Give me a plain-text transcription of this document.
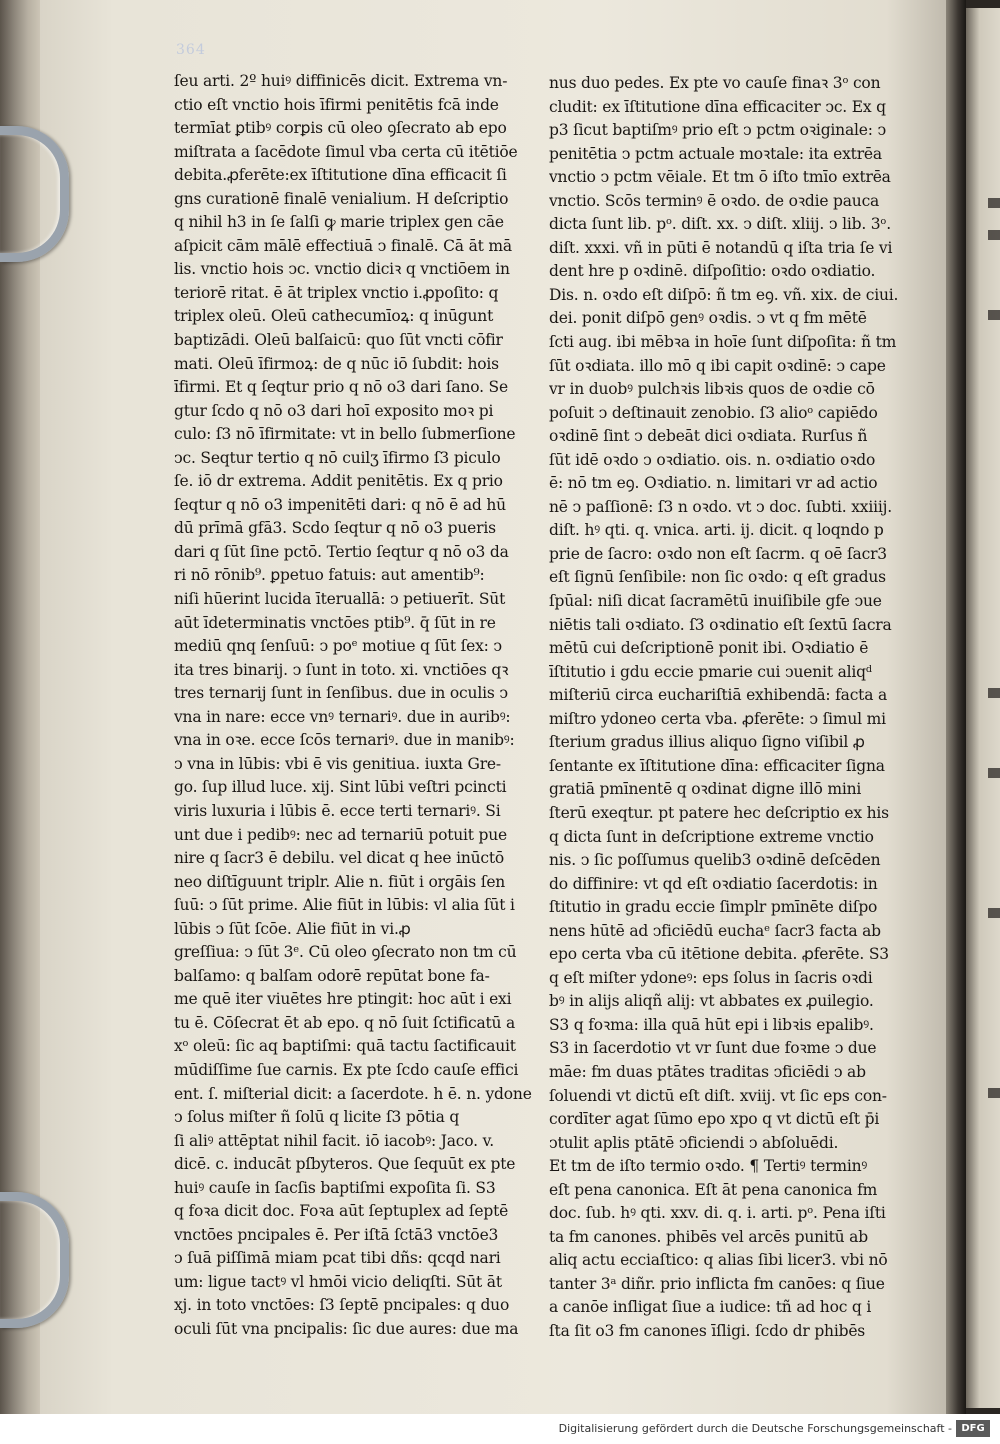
364
ſeu arti. 2º huiꝰ diffinicēs dicit. Extrema vn-
ctio eſt vnctio hois īfirmi penitētis fcā inde
termīat ꝑtibꝰ corꝑis cū oleo ꝯſecrato ab epo
miſtrata a ſacēdote ſimul vba certa cū itētiōe
debita.ꝓferēte:ex īſtitutione dīna efficacit ſi
gns curationē finalē venialium. H deſcriptio
q nihil h3 in ſe ſalſi ꝙ marie triplex gen cāe
aſpicit cām mālē effectiuā ↄ finalē. Cā āt mā
lis. vnctio hois ↄc. vnctio diciꝛ q vnctiōem in
teriorē ritat. ē āt triplex vnctio i.ꝓpoſito: q
triplex oleū. Oleū cathecumīoꝝ: q inūgunt
baptizādi. Oleū balſaicū: quo ſūt vncti cōfir
mati. Oleū īfirmoꝝ: de q nūc iō ſubdit: hois
īfirmi. Et q ſeqtur prio q nō o3 dari ſano. Se
gtur ſcdo q nō o3 dari hoī exposito moꝛ pi
culo: ſ3 nō īfirmitate: vt in bello ſubmerſione
ↄc. Seqtur tertio q nō cuilʒ īfirmo ſ3 piculo
ſe. iō dr extrema. Addit penitētis. Ex q prio
ſeqtur q nō o3 impenitēti dari: q nō ē ad hū
dū prīmā gfā3. Scdo ſeqtur q nō o3 pueris
dari q ſūt ſine pctō. Tertio ſeqtur q nō o3 da
ri nō rōnib⁹. ꝑpetuo fatuis: aut amentib⁹:
niſi hūerint lucida īteruallā: ↄ petiuerīt. Sūt
aūt īdeterminatis vnctōes ptib⁹. q̄ ſūt in re
mediū qnq ſenſuū: ↄ poᵉ motiue q ſūt ſex: ↄ
ita tres binarij. ↄ ſunt in toto. xi. vnctiōes qꝛ
tres ternarij ſunt in ſenſibus. due in oculis ↄ
vna in nare: ecce vnꝰ ternariꝰ. due in auribꝰ:
vna in oꝛe. ecce ſcōs ternariꝰ. due in manibꝰ:
ↄ vna in lūbis: vbi ē vis genitiua. iuxta Gre-
go. ſup illud luce. xij. Sint lūbi veſtri pcincti
viris luxuria i lūbis ē. ecce terti ternariꝰ. Si
unt due i pedibꝰ: nec ad ternariū potuit pue
nire q ſacr3 ē debilu. vel dicat q hee inūctō
neo diſtīguunt triplr. Alie n. fiūt i orgāis ſen
ſuū: ↄ ſūt prime. Alie fiūt in lūbis: vl alia ſūt i
lūbis ↄ ſūt ſcōe. Alie fiūt in vi.ꝓ
greſſiua: ↄ ſūt 3ᵉ. Cū oleo ꝯſecrato non tm cū
balſamo: q balſam odorē repūtat bone fa-
me quē iter viuētes hre ptingit: hoc aūt i exi
tu ē. Cōſecrat ēt ab epo. q nō ſuit ſctificatū a
xᵒ oleū: ſic aq baptiſmi: quā tactu ſactificauit
mūdiſſime ſue carnis. Ex pte ſcdo cauſe effici
ent. ſ. miſterial dicit: a ſacerdote. h ē. n. ydone
ↄ ſolus miſter ñ ſolū q licite ſ3 pōtia q
ſi aliꝰ attēptat nihil facit. iō iacobꝰ: Jaco. v.
dicē. c. inducāt pſbyteros. Que ſequūt ex pte
huiꝰ cauſe in ſacſis baptiſmi expoſita ſi. S3
q foꝛa dicit doc. Foꝛa aūt ſeptuplex ad ſeptē
vnctōes pncipales ē. Per iſtā ſctā3 vnctōe3
ↄ ſuā piſſimā miam pcat tibi dñs: qcqd nari
um: ligue tactꝰ vl hmōi vicio deliqſti. Sūt āt
xj. in toto vnctōes: ſ3 ſeptē pncipales: q duo
oculi ſūt vna pncipalis: ſic due aures: due ma
nus duo pedes. Ex pte vo cauſe finaꝛ 3ᵒ con
cludit: ex īſtitutione dīna efficaciter ↄc. Ex q
p3 ſicut baptiſmꝰ prio eſt ↄ pctm oꝛiginale: ↄ
penitētia ↄ pctm actuale moꝛtale: ita extrēa
vnctio ↄ pctm vēiale. Et tm ō iſto tmīo extrēa
vnctio. Scōs terminꝰ ē oꝛdo. de oꝛdie pauca
dicta ſunt lib. pᵒ. diſt. xx. ↄ diſt. xliij. ↄ lib. 3ᵒ.
diſt. xxxi. vñ in pūti ē notandū q iſta tria ſe vi
dent hre p oꝛdinē. diſpoſitio: oꝛdo oꝛdiatio.
Dis. n. oꝛdo eſt diſpō: ñ tm eꝯ. vñ. xix. de ciui.
dei. ponit diſpō genꝰ oꝛdis. ↄ vt q fm mētē
ſcti aug. ibi mēbꝛa in hoīe ſunt diſpoſita: ñ tm
ſūt oꝛdiata. illo mō q ibi capit oꝛdinē: ↄ cape
vr in duobꝰ pulchꝛis libꝛis quos de oꝛdie cō
poſuit ↄ deſtinauit zenobio. ſ3 alioᵒ capiēdo
oꝛdinē ſint ↄ debeāt dici oꝛdiata. Rurſus ñ
ſūt idē oꝛdo ↄ oꝛdiatio. ois. n. oꝛdiatio oꝛdo
ē: nō tm eꝯ. Oꝛdiatio. n. limitari vr ad actio
nē ↄ paſſionē: ſ3 n oꝛdo. vt ↄ doc. ſubti. xxiiij.
diſt. hꝰ qti. q. vnica. arti. ij. dicit. q loqndo p
prie de ſacro: oꝛdo non eſt ſacrm. q oē ſacr3
eſt ſignū ſenſibile: non ſic oꝛdo: q eſt gradus
ſpūal: niſi dicat ſacramētū inuiſibile gfe ↄue
niētis tali oꝛdiato. ſ3 oꝛdinatio eſt ſextū ſacra
mētū cui deſcriptionē ponit ibi. Oꝛdiatio ē
īſtitutio i gdu eccie pmarie cui ↄuenit aliqᵈ
miſteriū circa euchariſtiā exhibendā: facta a
miſtro ydoneo certa vba. ꝓferēte: ↄ ſimul mi
ſterium gradus illius aliquo ſigno viſibil ꝓ
ſentante ex īſtitutione dīna: efficaciter ſigna
gratiā pmīnentē q oꝛdinat digne illō mini
ſterū exeqtur. pt patere hec deſcriptio ex his
q dicta ſunt in deſcriptione extreme vnctio
nis. ↄ ſic poſſumus quelib3 oꝛdinē deſcēden
do diffinire: vt qd eſt oꝛdiatio ſacerdotis: in
ſtitutio in gradu eccie ſimplr pmīnēte diſpo
nens hūtē ad ↄficiēdū euchaᵉ ſacr3 facta ab
epo certa vba cū itētione debita. ꝓferēte. S3
q eſt miſter ydoneꝰ: eps ſolus in ſacris oꝛdi
bꝰ in alijs aliqñ alij: vt abbates ex ꝓuilegio.
S3 q foꝛma: illa quā hūt epi i libꝛis epalibꝰ.
S3 in ſacerdotio vt vr ſunt due foꝛme ↄ due
māe: fm duas ptātes traditas ↄficiēdi ↄ ab
ſoluendi vt dictū eſt diſt. xviij. vt ſic eps con-
cordīter agat ſūmo epo xpo q vt dictū eſt p̄i
ↄtulit aplis ptātē ↄficiendi ↄ abſoluēdi.
Et tm de iſto termio oꝛdo. ¶ Tertiꝰ terminꝰ
eſt pena canonica. Eſt āt pena canonica fm
doc. ſub. hꝰ qti. xxv. di. q. i. arti. pᵒ. Pena iſti
ta fm canones. phibēs vel arcēs punitū ab
aliq actu ecciaſtico: q alias ſibi licer3. vbi nō
tanter 3ᵃ diñr. prio inflicta fm canōes: q ſiue
a canōe inſligat ſiue a iudice: tñ ad hoc q i
ſta ſit o3 fm canones īſligi. ſcdo dr phibēs
Digitalisierung gefördert durch die Deutsche Forschungsgemeinschaft - DFG
